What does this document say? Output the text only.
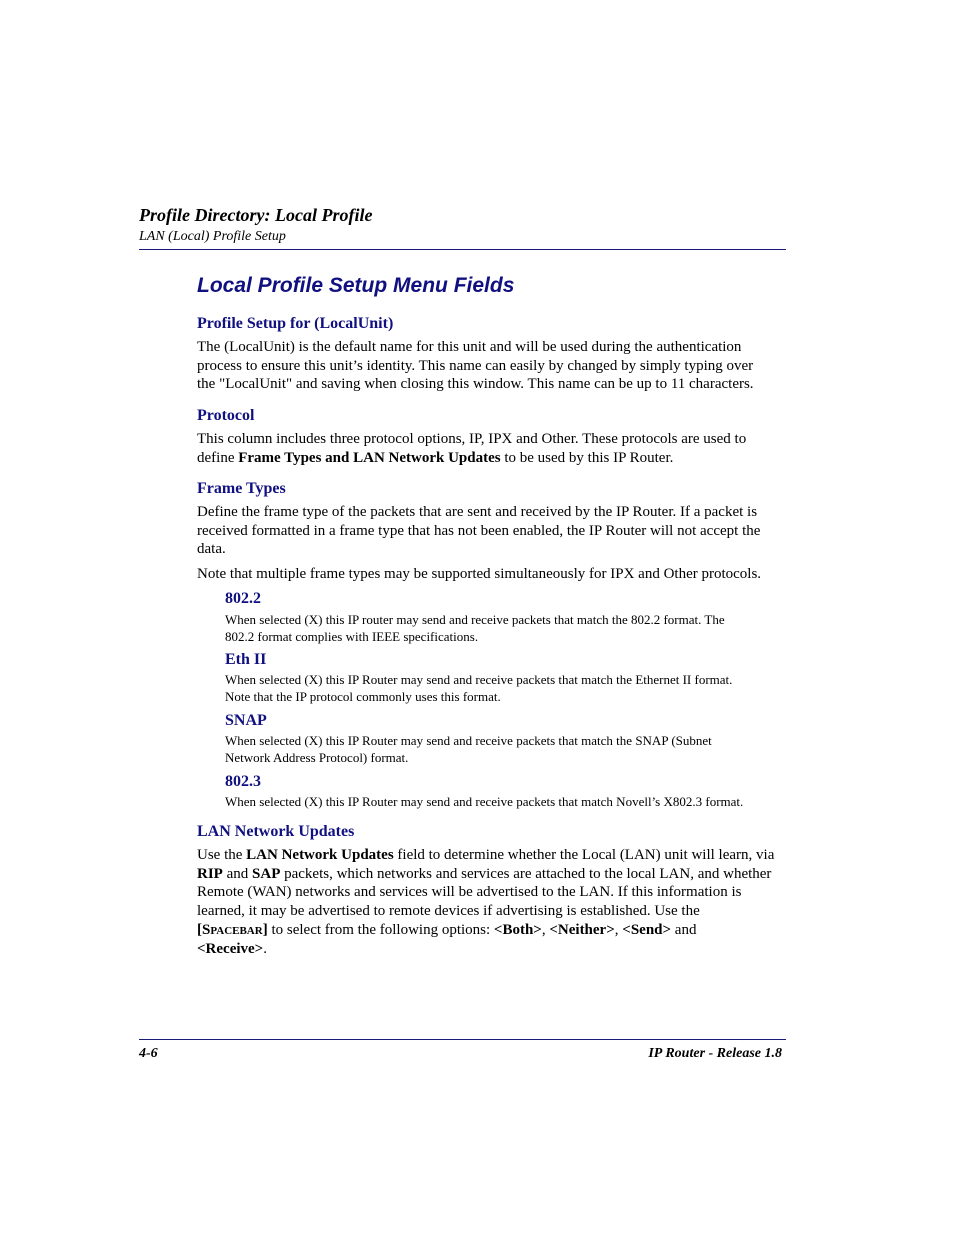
Profile Directory: Local Profile
LAN (Local) Profile Setup
Local Profile Setup Menu Fields
Profile Setup for (LocalUnit)
The (LocalUnit) is the default name for this unit and will be used during the authentication
process to ensure this unit’s identity. This name can easily by changed by simply typing over
the "LocalUnit" and saving when closing this window. This name can be up to 11 characters.
Protocol
This column includes three protocol options, IP, IPX and Other. These protocols are used to
define Frame Types and LAN Network Updates to be used by this IP Router.
Frame Types
Define the frame type of the packets that are sent and received by the IP Router. If a packet is
received formatted in a frame type that has not been enabled, the IP Router will not accept the
data.
Note that multiple frame types may be supported simultaneously for IPX and Other protocols.
802.2
When selected (X) this IP router may send and receive packets that match the 802.2 format. The
802.2 format complies with IEEE specifications.
Eth II
When selected (X) this IP Router may send and receive packets that match the Ethernet II format.
Note that the IP protocol commonly uses this format.
SNAP
When selected (X) this IP Router may send and receive packets that match the SNAP (Subnet
Network Address Protocol) format.
802.3
When selected (X) this IP Router may send and receive packets that match Novell’s X802.3 format.
LAN Network Updates
Use the LAN Network Updates field to determine whether the Local (LAN) unit will learn, via
RIP and SAP packets, which networks and services are attached to the local LAN, and whether
Remote (WAN) networks and services will be advertised to the LAN. If this information is
learned, it may be advertised to remote devices if advertising is established. Use the
[Spacebar] to select from the following options: <Both>, <Neither>, <Send> and
<Receive>.
4-6	IP Router - Release 1.8
